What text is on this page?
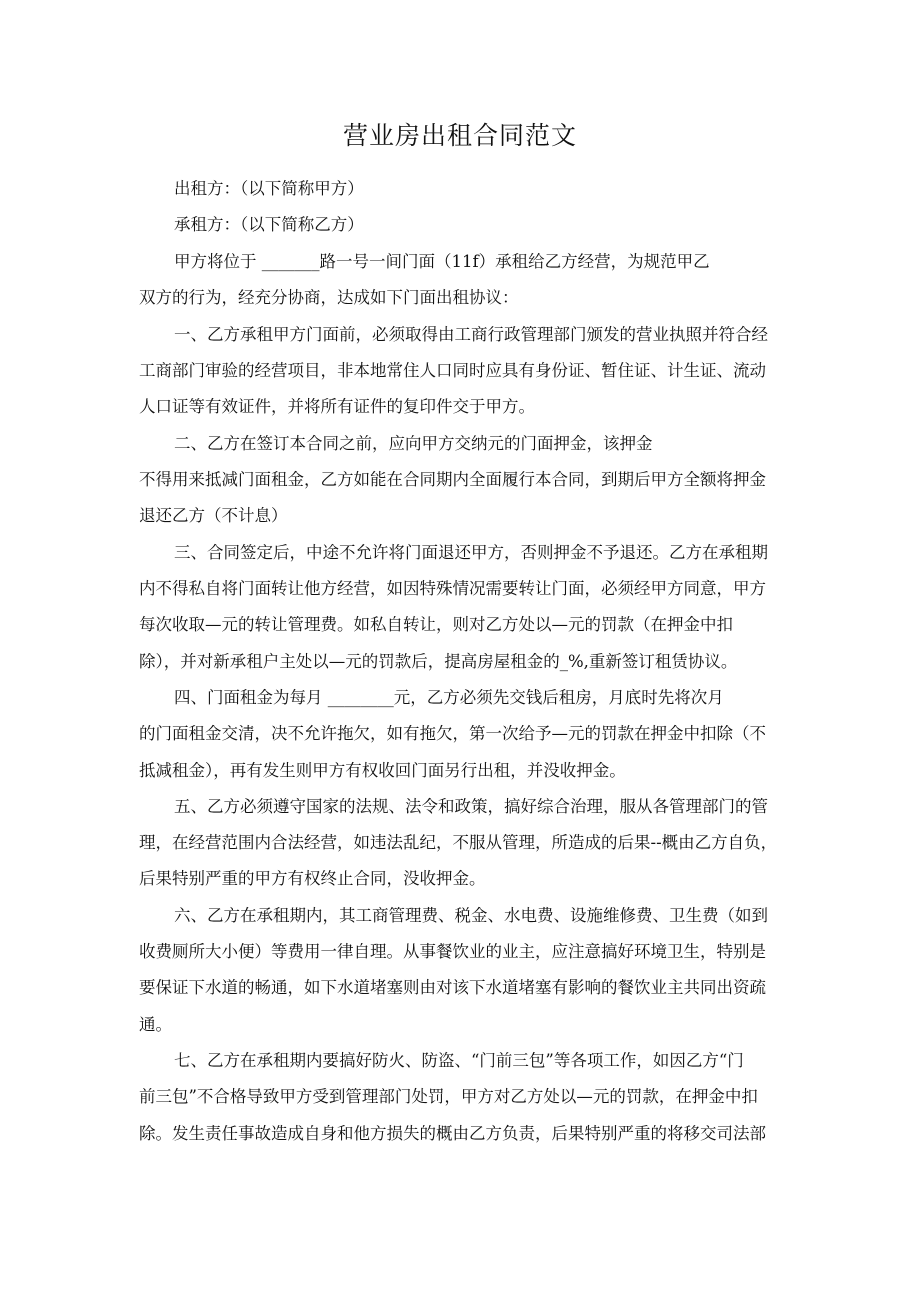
营业房出租合同范文

出租方：（以下简称甲方）

承租方：（以下简称乙方）

甲方将位于 _______路一号一间门面（11f）承租给乙方经营，为规范甲乙

双方的行为，经充分协商，达成如下门面出租协议：

一、乙方承租甲方门面前，必须取得由工商行政管理部门颁发的营业执照并符合经

工商部门审验的经营项目，非本地常住人口同时应具有身份证、暂住证、计生证、流动

人口证等有效证件，并将所有证件的复印件交于甲方。

二、乙方在签订本合同之前，应向甲方交纳元的门面押金，该押金

不得用来抵减门面租金，乙方如能在合同期内全面履行本合同，到期后甲方全额将押金

退还乙方（不计息）

三、合同签定后，中途不允许将门面退还甲方，否则押金不予退还。乙方在承租期

内不得私自将门面转让他方经营，如因特殊情况需要转让门面，必须经甲方同意，甲方

每次收取—元的转让管理费。如私自转让，则对乙方处以—元的罚款（在押金中扣

除），并对新承租户主处以—元的罚款后，提高房屋租金的_%,重新签订租赁协议。

四、门面租金为每月 ________元，乙方必须先交钱后租房，月底时先将次月

的门面租金交清，决不允许拖欠，如有拖欠，第一次给予—元的罚款在押金中扣除（不

抵减租金），再有发生则甲方有权收回门面另行出租，并没收押金。

五、乙方必须遵守国家的法规、法令和政策，搞好综合治理，服从各管理部门的管

理，在经营范围内合法经营，如违法乱纪，不服从管理，所造成的后果--概由乙方自负，

后果特别严重的甲方有权终止合同，没收押金。

六、乙方在承租期内，其工商管理费、税金、水电费、设施维修费、卫生费（如到

收费厕所大小便）等费用一律自理。从事餐饮业的业主，应注意搞好环境卫生，特别是

要保证下水道的畅通，如下水道堵塞则由对该下水道堵塞有影响的餐饮业主共同出资疏

通。

七、乙方在承租期内要搞好防火、防盗、“门前三包”等各项工作，如因乙方“门

前三包”不合格导致甲方受到管理部门处罚，甲方对乙方处以—元的罚款，在押金中扣

除。发生责任事故造成自身和他方损失的概由乙方负责，后果特别严重的将移交司法部
